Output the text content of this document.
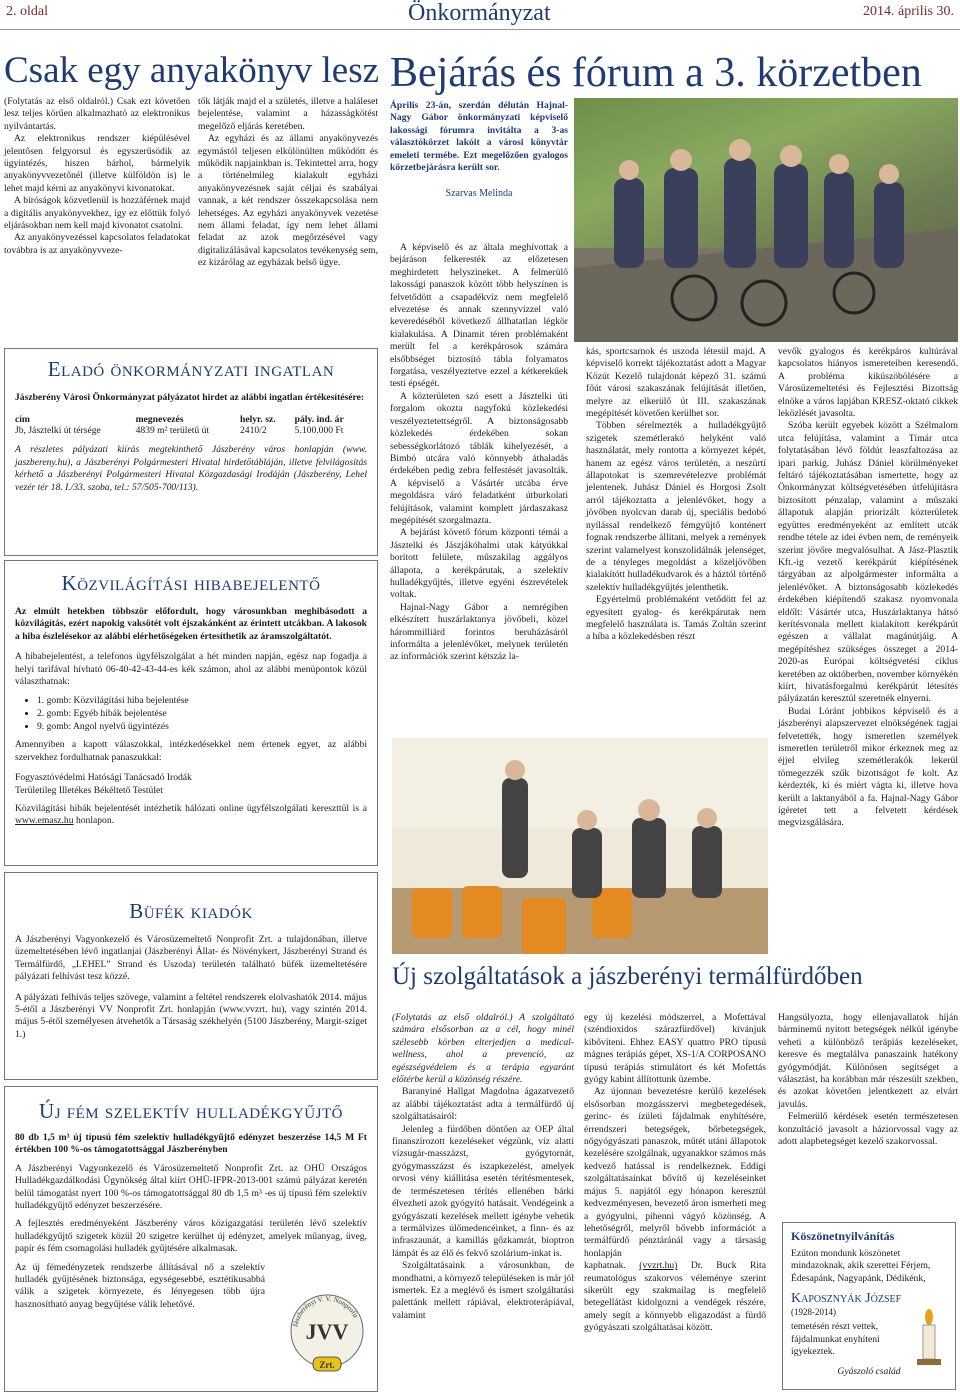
2. oldal	Önkormányzat	2014. április 30.
Csak egy anyakönyv lesz

(Folytatás az első oldalról.) Csak ezt követően lesz teljes körűen alkalmazható az elektronikus nyilvántartás.

Az elektronikus rendszer kiépülésével jelentősen felgyorsul és egyszerűsödik az ügyintézés, hiszen bárhol, bármelyik anyakönyvvezetőnél (illetve külföldön is) le lehet majd kérni az anyakönyvi kivonatokat.

A bíróságok közvetlenül is hozzáférnek majd a digitális anyakönyvekhez, így ez előttük folyó eljárásokban nem kell majd kivonatot csatolni.

Az anyakönyvezéssel kapcsolatos feladatokat továbbra is az anyakönyvveze-

tők látják majd el a születés, illetve a haláleset bejelentése, valamint a házasságkötést megelőző eljárás keretében.

Az egyházi és az állami anyakönyvezés egymástól teljesen elkülönülten működött és működik napjainkban is. Tekintettel arra, hogy a történelmileg kialakult egyházi anyakönyvezésnek saját céljai és szabályai vannak, a két rendszer összekapcsolása nem lehetséges. Az egyházi anyakönyvek vezetése nem állami feladat, így nem lehet állami feladat az azok megőrzésével vagy digitalizálásával kapcsolatos tevékenység sem, ez kizárólag az egyházak belső ügye.

Eladó önkormányzati ingatlan

Jászberény Városi Önkormányzat pályázatot hirdet az alábbi ingatlan értékesítésére:

cím	megnevezés	helyr. sz.	pály. ind. ár
Jb, Jásztelki út térsége	4839 m² területű út	2410/2	5.100.000 Ft

A részletes pályázati kiírás megtekinthető Jászberény város honlapján (www. jaszbereny.hu), a Jászberényi Polgármesteri Hivatal hirdetőtábláján, illetve felvilágosítás kérhető a Jászberényi Polgármesteri Hivatal Közgazdasági Irodáján (Jászberény, Lehel vezér tér 18. I./33. szoba, tel.: 57/505-700/113).

Közvilágítási hibabejelentő

Az elmúlt hetekben többször előfordult, hogy városunkban meghibásodott a közvilágítás, ezért napokig vaksötét volt éjszakánként az érintett utcákban. A lakosok a hiba észlelésekor az alábbi elérhetőségeken értesíthetik az áramszolgáltatót.

A hibabejelentést, a telefonos ügyfélszolgálat a hét minden napján, egész nap fogadja a helyi tarifával hívható 06-40-42-43-44-es kék számon, ahol az alábbi menüpontok közül választhatnak:

• 1. gomb: Közvilágítási hiba bejelentése
• 2. gomb: Egyéb hibák bejelentése
• 9. gomb: Angol nyelvű ügyintézés

Amennyiben a kapott válaszokkal, intézkedésekkel nem értenek egyet, az alábbi szervekhez fordulhatnak panaszukkal:

Fogyasztóvédelmi Hatósági Tanácsadó Irodák

Területileg Illetékes Békéltető Testület

Közvilágítási hibák bejelentését intézhetik hálózati online ügyfélszolgálati kereszttül is a www.emasz.hu honlapon.

Büfék kiadók

A Jászberényi Vagyonkezelő és Városüzemeltető Nonprofit Zrt. a tulajdonában, illetve üzemeltetésében lévő ingatlanjai (Jászberényi Állat- és Növénykert, Jászberényi Strand és Termálfürdő, „LEHEL” Strand és Uszoda) területén található büfék üzemeltetésére pályázati felhívást tesz közzé.

A pályázati felhívás teljes szövege, valamint a feltétel rendszerek elolvashatók 2014. május 5-étől a Jászberényi VV Nonprofit Zrt. honlapján (www.vvzrt. hu), vagy szintén 2014. május 5-étől személyesen átvehetők a Társaság székhelyén (5100 Jászberény, Margit-sziget 1.)

Új fém szelektív hulladékgyűjtő

80 db 1,5 m³ új típusú fém szelektív hulladékgyűjtő edényzet beszerzése 14,5 M Ft értékben 100 %-os támogatottsággal Jászberényben

A Jászberényi Vagyonkezelő és Városüzemeltető Nonprofit Zrt. az OHÜ Országos Hulladékgazdálkodási Ügynökség által kiírt OHÜ-IFPR-2013-001 számú pályázat keretén belül támogatást nyert 100 %-os támogatottsággal 80 db 1,5 m³ -es új típusú fém szelektív hulladékgyűjtő edényzet beszerzésére.

A fejlesztés eredményeként Jászberény város közigazgatási területén lévő szelektív hulladékgyűjtő szigetek közül 20 szigetre kerülhet új edényzet, amelyek műanyag, üveg, papír és fém csomagolási hulladék gyűjtésére alkalmasak.

Az új fémedényzetek rendszerbe állításával nő a szelektív hulladék gyűjtésének biztonsága, egységesebbé, esztétikusabbá válik a szigetek környezete, és lényegesen több újra hasznosítható anyag begyűjtése válik lehetővé.

Jászberényi V. V. Nonprofit
JVV
Zrt.
Bejárás és fórum a 3. körzetben

Április 23-án, szerdán délután Hajnal-Nagy Gábor önkormányzati képviselő lakossági fórumra invitálta a 3-as választókörzet lakóit a városi könyvtár emeleti termébe. Ezt megelőzően gyalogos körzetbejárásra került sor.

Szarvas Melinda

A képviselő és az általa meghívottak a bejáráson felkeresték az előzetesen meghirdetett helyszíneket. A felmerülő lakossági panaszok között több helyszínen is felvetődött a csapadékvíz nem megfelelő elvezetése és annak szennyvízzel való keveredéséből következő állhatatlan légkör kialakulása. A Dinamit téren problémaként merült fel a kerékpárosok számára elsőbbséget biztosító tábla folyamatos forgatása, veszélyeztetve ezzel a kétkerekűek testi épségét.

A közterületen szó esett a Jásztelki úti forgalom okozta nagyfokú közlekedési veszélyeztetettségről. A biztonságosabb közlekedés érdekében sokan sebességkorlátozó táblák kihelyezését, a Bimbó utcára való könnyebb áthaladás érdekében pedig zebra felfestését javasolták. A képviselő a Vásártér utcába érve megoldásra váró feladatként útburkolati felújítások, valamint komplett járdaszakasz megépítését szorgalmazta.

A bejárást követő fórum központi témái a Jásztelki és Jászjákóhalmi utak kátyúkkal borított felülete, műszakilag aggályos állapota, a kerékpárutak, a szelektív hulladékgyűjtés, illetve egyéni észrevételek voltak.

Hajnal-Nagy Gábor a nemrégiben elkészített huszárlaktanya jövőbeli, közel hárommilliárd forintos beruházásáról informálta a jelenlévőket, melynek területén az információk szerint kétszáz la-

kás, sportcsarnok és uszoda létesül majd. A képviselő korrekt tájékoztatást adott a Magyar Közút Kezelő tulajdonát képező 31. számú főút városi szakaszának felújítását illetően, melyre az elkerülő út III. szakaszának megépítését követően kerülhet sor.

Többen sérelmezték a hulladékgyűjtő szigetek szemétlerakó helyként való használatát, mely rontotta a környezet képét, hanem az egész város területén, a neszürtí állapotokat is szemrevételezve problémát jelentenek. Juhász Dániel és Horgosi Zsolt arról tájékoztatta a jelenlévőket, hogy a jövőben nyolcvan darab új, speciális bedobó nyílással rendelkező fémgyűjtő konténert fognak rendszerbe állítani, melyek a remények szerint valamelyest konszolidálnák jelenséget, de a tényleges megoldást a közeljövőben kialakítótt hulladékudvarok és a háztól történő szelektív hulladékgyűjtés jelenthetik.

Egyértelmű problémaként vetődött fel az egyesített gyalog- és kerékpárutak nem megfelelő használata is. Tamás Zoltán szerint a híba a közlekedésben részt

vevők gyalogos és kerékpáros kultúrával kapcsolatos hiányos ismereteiben keresendő. A probléma kiküszöbölésére a Városüzemeltetési és Fejlesztési Bizottság elnöke a város lapjában KRESZ-oktató cikkek leközlését javasolta.

Szóba került egyebek között a Szélmalom utca felújítása, valamint a Tímár utca folytatásában lévő földút leaszfaltozása az ipari parkig. Juhász Dániel körülményeket feltáró tájékoztatásában ismertette, hogy az Önkormányzat költségvetésében útfelújításra biztosított pénzalap, valamint a műszaki állapotuk alapján priorizált közterületek együttes eredményeként az említett utcák rendbe tétele az idei évben nem, de reményeik szerint jövőre megvalósulhat. A Jász-Plasztik Kft.-ig vezető kerékpárút kiépítésének tárgyában az alpolgármester informálta a jelenlévőket. A biztonságosabb közlekedés érdekében kiépítendő szakasz nyomvonala eldőlt: Vásártér utca, Huszárlaktanya hátsó kerítésvonala mellett kialakított kerékpárút egészen a vállalat magánútjáig. A megépítéshez szükséges összeget a 2014-2020-as Európai költségvetési ciklus keretében az októberben, november környékén kiírt, hivatásforgalmú kerékpárút létesítés pályázatán keresztül szeretnék elnyerni.

Budai Lóránt jobbikos képviselő és a jászberényi alapszervezet elnökségének tagjai felvetették, hogy ismeretlen személyek ismeretlen területről mikor érkeznek meg az éjjel elvileg szemétlerakók lekerül tömegezzék szűk bizottságot fe kolt. Az kérdezték, ki és miért vágta ki, illetve hova került a laktanyából a fa. Hajnal-Nagy Gábor ígéretet tett a felvetett kérdések megvizsgálására.

Új szolgáltatások a jászberényi termálfürdőben

(Folytatás az első oldalról.) A szolgáltató számára elsősorban az a cél, hogy minél szélesebb körben elterjedjen a medical-wellness, ahol a prevenció, az egészségvédelem és a terápia egyaránt előtérbe kerül a közönség részére.

Baranyiné Hallgat Magdolna ágazatvezető az alábbi tájékoztatást adta a termálfürdő új szolgáltatásairól:

Jelenleg a fürdőben döntően az OEP által finanszírozott kezeléseket végzünk, víz alatti vízsugár-masszázst, gyógytornát, gyógymasszázst és iszapkezelést, amelyek orvosi vény kiállítása esetén térítésmentesek, de természetesen térítés ellenében bárki élvezheti azok gyógyító hatásait. Vendégeink a gyógyászati kezelések mellett igénybe vehetik a termálvizes úlőmedencéinket, a finn- és az infraszaunát, a kamillás gőzkamrát, bioptron lámpát és az élő és fekvő szolárium-inkat is.

Szolgáltatásaink a városunkban, de mondhatni, a környező településeken is már jól ismertek. Ez a meglévő és ismert szolgáltatási palettánk mellett rápiával, elektroterápiával, valamint

egy új kezelési módszerrel, a Mofettával (széndioxidos szárazfürdővel) kívánjuk kibővíteni. Ehhez EASY quattro PRO típusú mágnes terápiás gépet, XS-1/A CORPOSANO típusú terápiás stimulátort és két Mofettás gyógy kabint állítottunk üzembe.

Az újonnan bevezetésre kerülő kezelések elsősorban mozgásszervi megbetegedések, gerinc- és ízületi fájdalmak enyhítésére, érrendszeri betegségek, bőrbetegségek, nőgyógyászati panaszok, műtét utáni állapotok kezelésére szolgálnak, ugyanakkor számos más kedvező hatással is rendelkeznek. Eddigi szolgáltatásainkat bővítő új kezeléseinket május 5. napjától egy hónapon keresztül kedvezményesen, bevezető áron ismerheti meg a gyógyulni, pihenni vágyó közönség. A lehetőségről, melyről bővebb információt a termálfürdő pénztáránál vagy a társaság honlapján

kaphatnak. (vvzrt.hu) Dr. Buck Rita reumatológus szakorvos véleménye szerint sikerült egy szakmailag is megfelelő betegellátást kidolgozni a vendégek részére, amely segít a könnyebb eligazodást a fürdő gyógyászati szolgáltatásai között.

Hangsúlyozta, hogy ellenjavallatok híján bárminemű nyitott betegségek nélkül igénybe veheti a különböző terápiás kezeléseket, keresve és megtalálva panaszaink hatékony gyógymódját. Különösen segítséget a választást, ha korábban már részesült szekben, és azokat követően jelentkezett az elvárt javulás.

Felmerülő kérdések esetén természetesen konzultáció javasolt a háziorvossal vagy az adott alapbetegséget kezelő szakorvossal.

Köszönetnyilvánítás

Ezúton mondunk köszönetet mindazoknak, akik szerettei Férjem, Édesapánk, Nagyapánk, Dédikénk,

Kaposznyák József
(1928-2014)

temetésén részt vettek, fájdalmunkat enyhíteni igyekeztek.

Gyászoló család
